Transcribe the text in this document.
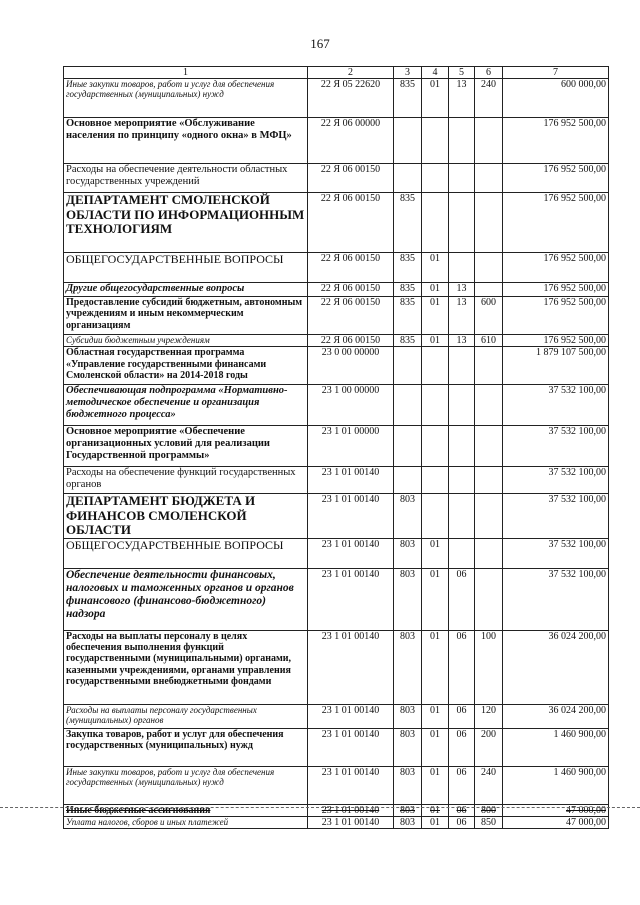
167
1	2	3	4	5	6	7
Иные закупки товаров, работ и услуг для обеспечения государственных (муниципальных) нужд	22 Я 05 22620	835	01	13	240	600 000,00
Основное мероприятие «Обслуживание населения по принципу «одного окна» в МФЦ»	22 Я 06 00000					176 952 500,00
Расходы на обеспечение деятельности областных государственных учреждений	22 Я 06 00150					176 952 500,00
ДЕПАРТАМЕНТ СМОЛЕНСКОЙ ОБЛАСТИ ПО ИНФОРМАЦИОННЫМ ТЕХНОЛОГИЯМ	22 Я 06 00150	835				176 952 500,00
ОБЩЕГОСУДАРСТВЕННЫЕ ВОПРОСЫ	22 Я 06 00150	835	01			176 952 500,00
Другие общегосударственные вопросы	22 Я 06 00150	835	01	13		176 952 500,00
Предоставление субсидий бюджетным, автономным учреждениям и иным некоммерческим организациям	22 Я 06 00150	835	01	13	600	176 952 500,00
Субсидии бюджетным учреждениям	22 Я 06 00150	835	01	13	610	176 952 500,00
Областная государственная программа «Управление государственными финансами Смоленской области» на 2014-2018 годы	23 0 00 00000					1 879 107 500,00
Обеспечивающая подпрограмма «Нормативно-методическое обеспечение и организация бюджетного процесса»	23 1 00 00000					37 532 100,00
Основное мероприятие «Обеспечение организационных условий для реализации Государственной программы»	23 1 01 00000					37 532 100,00
Расходы на обеспечение функций государственных органов	23 1 01 00140					37 532 100,00
ДЕПАРТАМЕНТ БЮДЖЕТА И ФИНАНСОВ СМОЛЕНСКОЙ ОБЛАСТИ	23 1 01 00140	803				37 532 100,00
ОБЩЕГОСУДАРСТВЕННЫЕ ВОПРОСЫ	23 1 01 00140	803	01			37 532 100,00
Обеспечение деятельности финансовых, налоговых и таможенных органов и органов финансового (финансово-бюджетного) надзора	23 1 01 00140	803	01	06		37 532 100,00
Расходы на выплаты персоналу в целях обеспечения выполнения функций государственными (муниципальными) органами, казенными учреждениями, органами управления государственными внебюджетными фондами	23 1 01 00140	803	01	06	100	36 024 200,00
Расходы на выплаты персоналу государственных (муниципальных) органов	23 1 01 00140	803	01	06	120	36 024 200,00
Закупка товаров, работ и услуг для обеспечения государственных (муниципальных) нужд	23 1 01 00140	803	01	06	200	1 460 900,00
Иные закупки товаров, работ и услуг для обеспечения государственных (муниципальных) нужд	23 1 01 00140	803	01	06	240	1 460 900,00
Иные бюджетные ассигнования	23 1 01 00140	803	01	06	800	47 000,00
Уплата налогов, сборов и иных платежей	23 1 01 00140	803	01	06	850	47 000,00
